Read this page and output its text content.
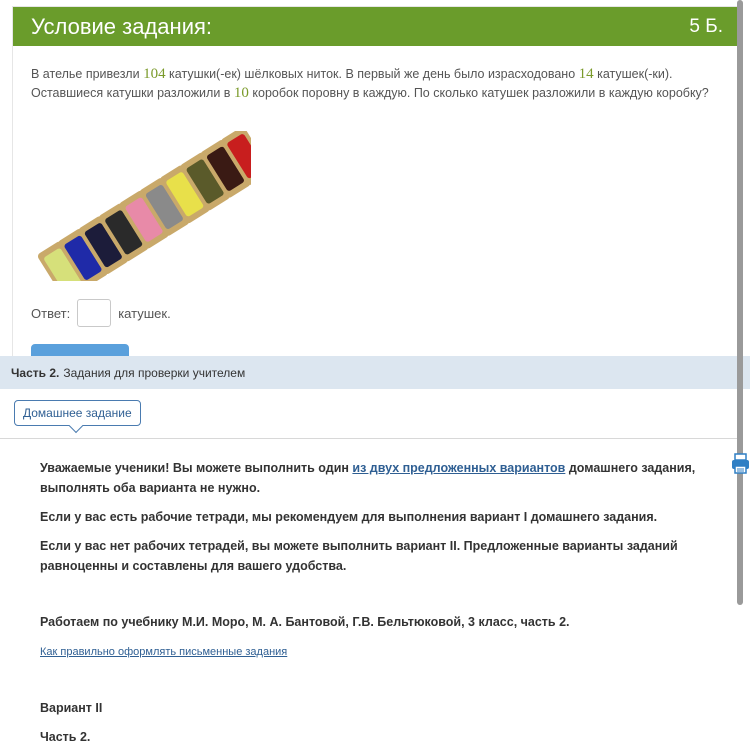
Условие задания:	5 Б.
В ателье привезли 104 катушки(-ек) шёлковых ниток. В первый же день было израсходовано 14 катушек(-ки). Оставшиеся катушки разложили в 10 коробок поровну в каждую. По сколько катушек разложили в каждую коробку?
Ответ:	катушек.
Часть 2. Задания для проверки учителем
Домашнее задание

Уважаемые ученики! Вы можете выполнить один из двух предложенных вариантов домашнего задания, выполнять оба варианта не нужно.

Если у вас есть рабочие тетради, мы рекомендуем для выполнения вариант I домашнего задания.

Если у вас нет рабочих тетрадей, вы можете выполнить вариант II. Предложенные варианты заданий равноценны и составлены для вашего удобства.

Работаем по учебнику М.И. Моро, М. А. Бантовой, Г.В. Бельтюковой, 3 класс, часть 2.

Как правильно оформлять письменные задания

Вариант II

Часть 2.
